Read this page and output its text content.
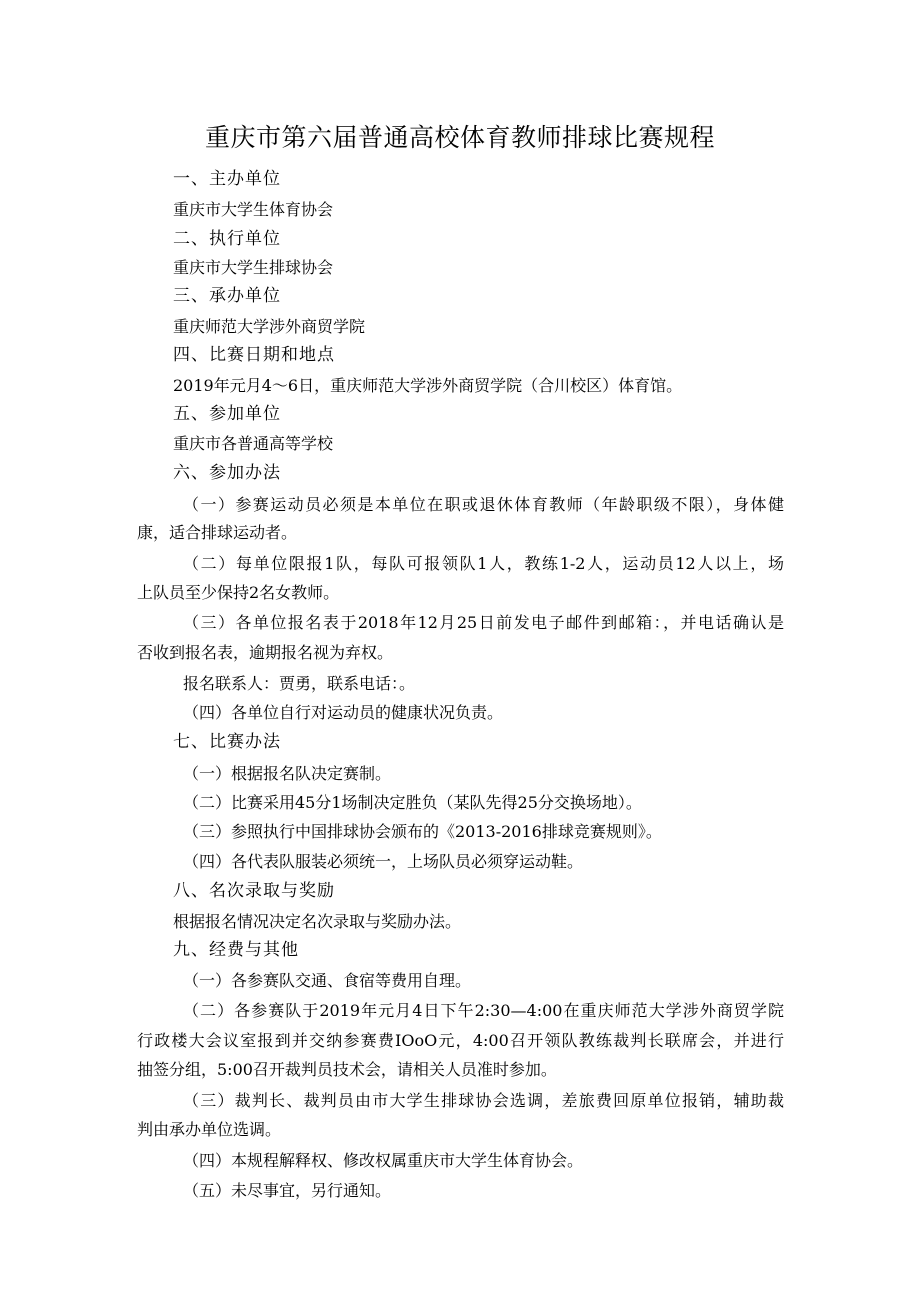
重庆市第六届普通高校体育教师排球比赛规程
一、主办单位
重庆市大学生体育协会
二、执行单位
重庆市大学生排球协会
三、承办单位
重庆师范大学涉外商贸学院
四、比赛日期和地点
2019年元月4～6日，重庆师范大学涉外商贸学院（合川校区）体育馆。
五、参加单位
重庆市各普通高等学校
六、参加办法
（一）参赛运动员必须是本单位在职或退休体育教师（年龄职级不限），身体健
康，适合排球运动者。
（二）每单位限报1队，每队可报领队1人，教练1-2人，运动员12人以上，场
上队员至少保持2名女教师。
（三）各单位报名表于2018年12月25日前发电子邮件到邮箱：，并电话确认是
否收到报名表，逾期报名视为弃权。
报名联系人：贾勇，联系电话：。
（四）各单位自行对运动员的健康状况负责。
七、比赛办法
（一）根据报名队决定赛制。
（二）比赛采用45分1场制决定胜负（某队先得25分交换场地）。
（三）参照执行中国排球协会颁布的《2013-2016排球竞赛规则》。
（四）各代表队服装必须统一，上场队员必须穿运动鞋。
八、名次录取与奖励
根据报名情况决定名次录取与奖励办法。
九、经费与其他
（一）各参赛队交通、食宿等费用自理。
（二）各参赛队于2019年元月4日下午2:30—4:00在重庆师范大学涉外商贸学院
行政楼大会议室报到并交纳参赛费IOoO元，4:00召开领队教练裁判长联席会，并进行
抽签分组，5:00召开裁判员技术会，请相关人员准时参加。
（三）裁判长、裁判员由市大学生排球协会选调，差旅费回原单位报销，辅助裁
判由承办单位选调。
（四）本规程解释权、修改权属重庆市大学生体育协会。
（五）未尽事宜，另行通知。
